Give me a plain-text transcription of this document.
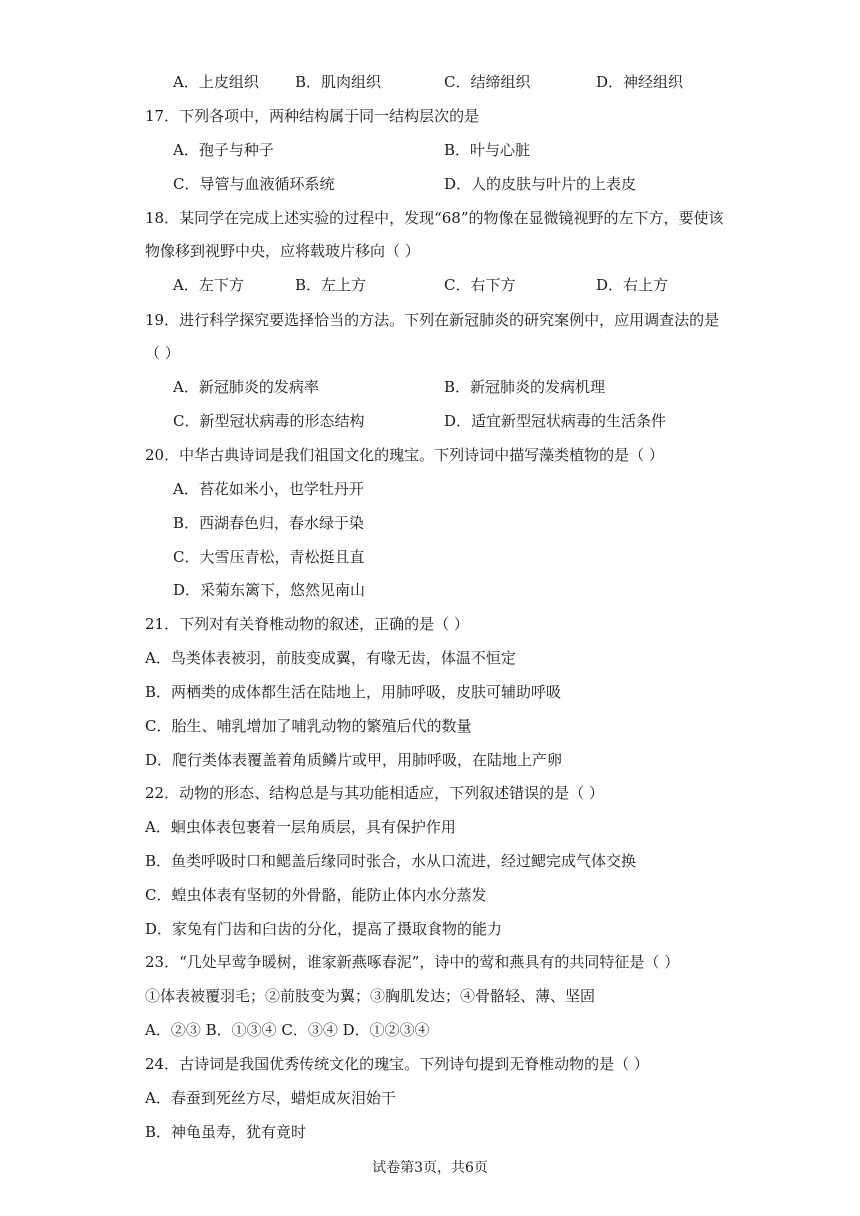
A．上皮组织 B．肌肉组织	C．结缔组织	D．神经组织
17．下列各项中，两种结构属于同一结构层次的是
A．孢子与种子	B．叶与心脏
C．导管与血液循环系统	D．人的皮肤与叶片的上表皮
18．某同学在完成上述实验的过程中，发现“68”的物像在显微镜视野的左下方，要使该
物像移到视野中央，应将载玻片移向（ ）
A．左下方	B．左上方	C．右下方	D．右上方
19．进行科学探究要选择恰当的方法。下列在新冠肺炎的研究案例中，应用调查法的是
（ ）
A．新冠肺炎的发病率	B．新冠肺炎的发病机理
C．新型冠状病毒的形态结构	D．适宜新型冠状病毒的生活条件
20．中华古典诗词是我们祖国文化的瑰宝。下列诗词中描写藻类植物的是（ ）
A．苔花如米小，也学牡丹开
B．西湖春色归，春水绿于染
C．大雪压青松，青松挺且直
D．采菊东篱下，悠然见南山
21．下列对有关脊椎动物的叙述，正确的是（ ）
A．鸟类体表被羽，前肢变成翼，有喙无齿，体温不恒定
B．两栖类的成体都生活在陆地上，用肺呼吸，皮肤可辅助呼吸
C．胎生、哺乳增加了哺乳动物的繁殖后代的数量
D．爬行类体表覆盖着角质鳞片或甲，用肺呼吸，在陆地上产卵
22．动物的形态、结构总是与其功能相适应，下列叙述错误的是（ ）
A．蛔虫体表包裹着一层角质层，具有保护作用
B．鱼类呼吸时口和鳃盖后缘同时张合，水从口流进，经过鳃完成气体交换
C．蝗虫体表有坚韧的外骨骼，能防止体内水分蒸发
D．家兔有门齿和臼齿的分化，提高了摄取食物的能力
23．“几处早莺争暖树，谁家新燕啄春泥”，诗中的莺和燕具有的共同特征是（ ）
①体表被覆羽毛；②前肢变为翼；③胸肌发达；④骨骼轻、薄、坚固
A．②③ B．①③④ C．③④ D．①②③④
24．古诗词是我国优秀传统文化的瑰宝。下列诗句提到无脊椎动物的是（ ）
A．春蚕到死丝方尽，蜡炬成灰泪始干
B．神龟虽寿，犹有竟时
试卷第3页，共6页
